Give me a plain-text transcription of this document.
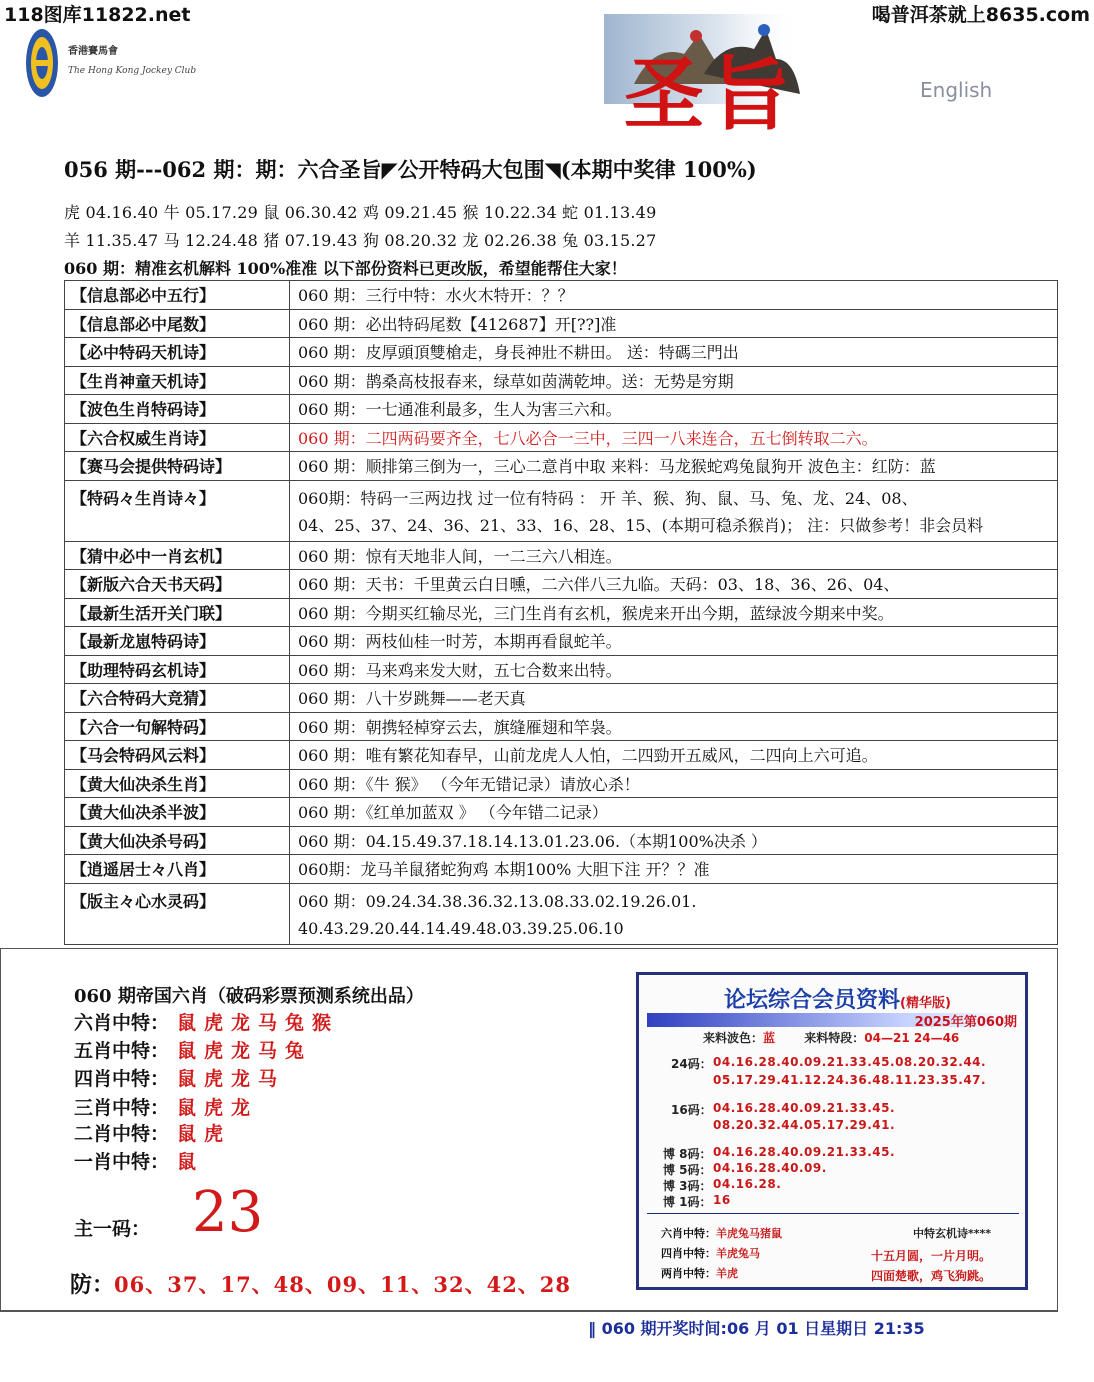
118图库11822.net	喝普洱茶就上8635.com
香港賽馬會
The Hong Kong Jockey Club	圣旨	English
056 期---062 期：期：六合圣旨◤公开特码大包围◥(本期中奖律 100%)
虎 04.16.40 牛 05.17.29 鼠 06.30.42 鸡 09.21.45 猴 10.22.34 蛇 01.13.49
羊 11.35.47 马 12.24.48 猪 07.19.43 狗 08.20.32 龙 02.26.38 兔 03.15.27
060 期：精准玄机解料 100%准准 以下部份资料已更改版，希望能帮住大家！
【信息部必中五行】	060 期：三行中特：水火木特开：？？
【信息部必中尾数】	060 期：必出特码尾数【412687】开[??]准
【必中特码天机诗】	060 期：皮厚頭頂雙槍走，身長神壯不耕田。 送：特碼三門出
【生肖神童天机诗】	060 期：鹊桑高枝报春来，绿草如茵满乾坤。送：无势是穷期
【波色生肖特码诗】	060 期：一七通准利最多，生人为害三六和。
【六合权威生肖诗】	060 期：二四两码要齐全，七八必合一三中，三四一八来连合，五七倒转取二六。
【赛马会提供特码诗】	060 期：顺排第三倒为一，三心二意肖中取 来料：马龙猴蛇鸡兔鼠狗开 波色主：红防：蓝
【特码々生肖诗々】	060期：特码一三两边找 过一位有特码 ： 开 羊、猴、狗、鼠、马、兔、龙、24、08、
04、25、37、24、36、21、33、16、28、15、(本期可稳杀猴肖)； 注：只做参考！非会员料

【猜中必中一肖玄机】	060 期：惊有天地非人间，一二三六八相连。
【新版六合天书天码】	060 期：天书：千里黄云白日曛，二六伴八三九临。天码：03、18、36、26、04、
【最新生活开关门联】	060 期：今期买红输尽光，三门生肖有玄机，猴虎来开出今期，蓝绿波今期来中奖。
【最新龙崽特码诗】	060 期：两枝仙桂一时芳，本期再看鼠蛇羊。
【助理特码玄机诗】	060 期：马来鸡来发大财，五七合数来出特。
【六合特码大竞猜】	060 期：八十岁跳舞——老天真
【六合一句解特码】	060 期：朝携轻棹穿云去，旗缝雁翅和竿袅。
【马会特码风云料】	060 期：唯有繁花知春早，山前龙虎人人怕，二四勁开五威风，二四向上六可追。
【黄大仙决杀生肖】	060 期：《牛 猴》 （今年无错记录）请放心杀！
【黄大仙决杀半波】	060 期：《红单加蓝双 》 （今年错二记录）
【黄大仙决杀号码】	060 期：04.15.49.37.18.14.13.01.23.06.（本期100%决杀 ）
【逍遥居士々八肖】	060期：龙马羊鼠猪蛇狗鸡 本期100% 大胆下注 开？？准
【版主々心水灵码】	060 期：09.24.34.38.36.32.13.08.33.02.19.26.01.
40.43.29.20.44.14.49.48.03.39.25.06.10
060 期帝国六肖（破码彩票预测系统出品）
六肖中特： 鼠虎龙马兔猴
五肖中特： 鼠虎龙马兔
四肖中特： 鼠虎龙马
三肖中特： 鼠虎龙
二肖中特： 鼠虎
一肖中特： 鼠
主一码： 23
防：06、37、17、48、09、11、32、42、28
论坛综合会员资料(精华版)
2025年第060期
来料波色：蓝 来料特段：04—21 24—46
24码： 04.16.28.40.09.21.33.45.08.20.32.44.
05.17.29.41.12.24.36.48.11.23.35.47.
16码： 04.16.28.40.09.21.33.45.
08.20.32.44.05.17.29.41.
博 8码： 04.16.28.40.09.21.33.45.
博 5码： 04.16.28.40.09.
博 3码： 04.16.28.
博 1码： 16
六肖中特：羊虎兔马猪鼠
四肖中特：羊虎兔马
两肖中特：羊虎
中特玄机诗****
十五月圆，一片月明。
四面楚歌，鸡飞狗跳。
‖ 060 期开奖时间:06 月 01 日星期日 21:35
